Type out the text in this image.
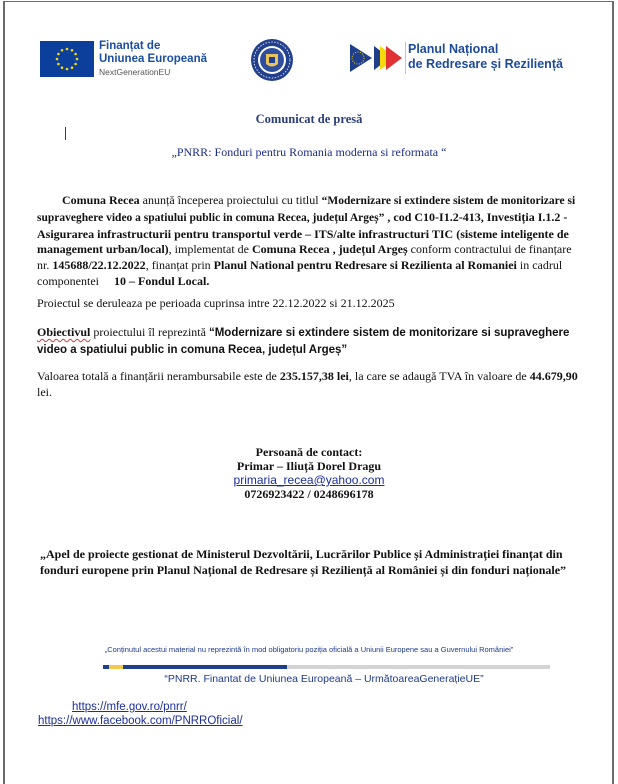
Finanțat de
Uniunea Europeană
NextGenerationEU
Planul Național
de Redresare și Reziliență
Comunicat de presă
„PNRR: Fonduri pentru Romania moderna si reformata “
Comuna Recea anunță începerea proiectului cu titlul “Modernizare si extindere sistem de monitorizare si supraveghere video a spatiului public in comuna Recea, județul Argeș” , cod C10-I1.2-413, Investiția I.1.2 - Asigurarea infrastructurii pentru transportul verde – ITS/alte infrastructuri TIC (sisteme inteligente de management urban/local), implementat de Comuna Recea , județul Argeș conform contractului de finanțare nr. 145688/22.12.2022, finanțat prin Planul National pentru Redresare si Rezilienta al Romaniei in cadrul componentei     10 – Fondul Local.
Proiectul se deruleaza pe perioada cuprinsa intre 22.12.2022 si 21.12.2025
Obiectivul proiectului îl reprezintă “Modernizare si extindere sistem de monitorizare si supraveghere video a spatiului public in comuna Recea, județul Argeș”
Valoarea totală a finanțării nerambursabile este de 235.157,38 lei, la care se adaugă TVA în valoare de 44.679,90 lei.
Persoană de contact:
Primar – Iliuță Dorel Dragu
primaria_recea@yahoo.com
0726923422 / 0248696178
„Apel de proiecte gestionat de Ministerul Dezvoltării, Lucrărilor Publice și Administrației finanțat din fonduri europene prin Planul Național de Redresare și Reziliență al României și din fonduri naționale”
„Conținutul acestui material nu reprezintă în mod obligatoriu poziția oficială a Uniunii Europene sau a Guvernului României”
“PNRR. Finantat de Uniunea Europeană – UrmătoareaGenerațieUE”
https://mfe.gov.ro/pnrr/
https://www.facebook.com/PNRROficial/
